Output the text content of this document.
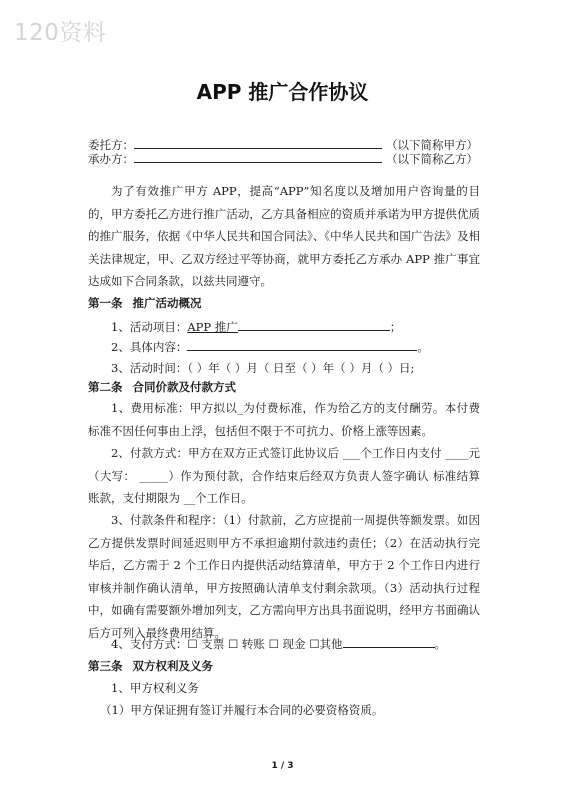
120资料
APP 推广合作协议
委托方：	（以下简称甲方）
承办方：	（以下简称乙方）
为了有效推广甲方 APP，提高“APP”知名度以及增加用户咨询量的目的，甲方委托乙方进行推广活动，乙方具备相应的资质并承诺为甲方提供优质的推广服务，依据《中华人民共和国合同法》、《中华人民共和国广告法》及相关法律规定，甲、乙双方经过平等协商，就甲方委托乙方承办 APP 推广事宜达成如下合同条款，以兹共同遵守。
第一条 推广活动概况
1、活动项目：APP 推广	；
2、具体内容：	。
3、活动时间：（ ）年（ ）月（ 日至（ ）年（ ）月（ ）日;
第二条 合同价款及付款方式
1、费用标准：甲方拟以_为付费标准，作为给乙方的支付酬劳。本付费标准不因任何事由上浮，包括但不限于不可抗力、价格上涨等因素。
2、付款方式：甲方在双方正式签订此协议后 ___个工作日内支付 ____元（大写： _____）作为预付款，合作结束后经双方负责人签字确认 标准结算账款，支付期限为 __个工作日。
3、付款条件和程序：（1）付款前，乙方应提前一周提供等额发票。如因乙方提供发票时间延迟则甲方不承担逾期付款违约责任；（2）在活动执行完毕后，乙方需于 2 个工作日内提供活动结算清单，甲方于 2 个工作日内进行审核并制作确认清单，甲方按照确认清单支付剩余款项。（3）活动执行过程中，如确有需要额外增加列支，乙方需向甲方出具书面说明，经甲方书面确认后方可列入最终费用结算。
4、支付方式：☐ 支票 ☐ 转账 ☐ 现金 ☐其他	。
第三条 双方权利及义务
1、甲方权利义务
（1）甲方保证拥有签订并履行本合同的必要资格资质。
1 / 3
